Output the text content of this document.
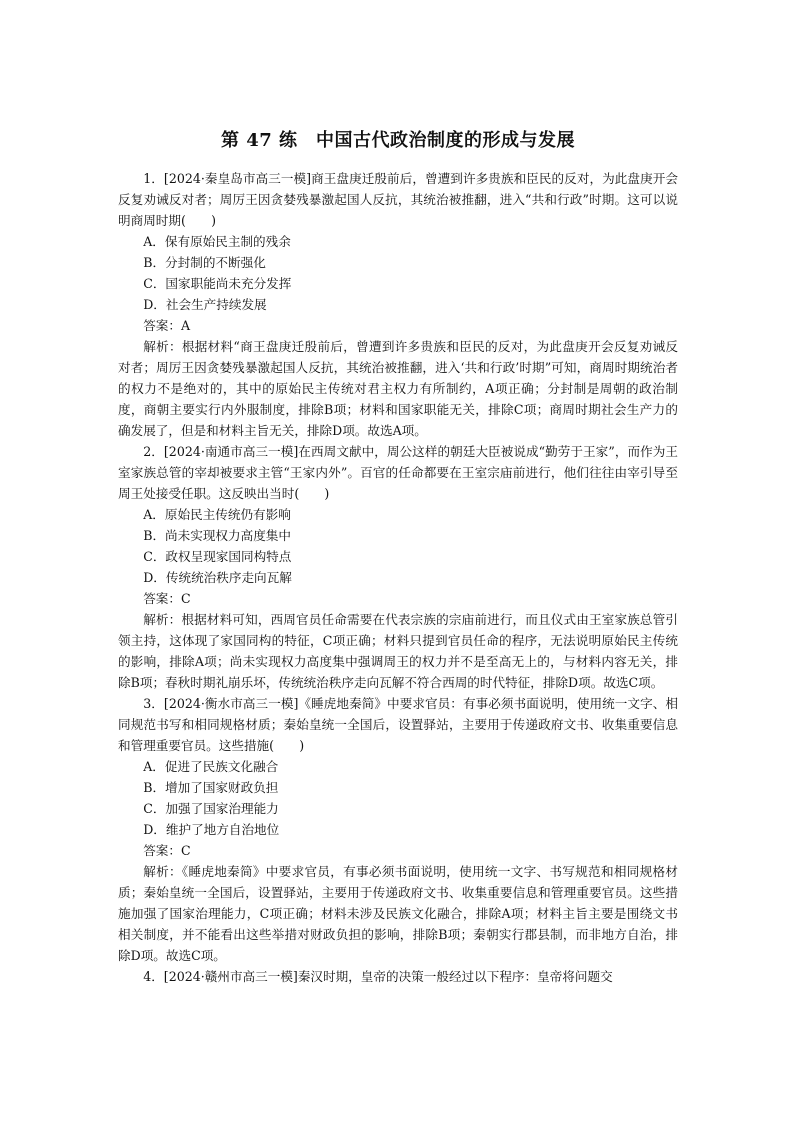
第 47 练　中国古代政治制度的形成与发展

1．[2024·秦皇岛市高三一模]商王盘庚迁殷前后，曾遭到许多贵族和臣民的反对，为此盘庚开会反复劝诫反对者；周厉王因贪婪残暴激起国人反抗，其统治被推翻，进入“共和行政”时期。这可以说明商周时期(　　)

A．保有原始民主制的残余

B．分封制的不断强化

C．国家职能尚未充分发挥

D．社会生产持续发展

答案：A

解析：根据材料“商王盘庚迁殷前后，曾遭到许多贵族和臣民的反对，为此盘庚开会反复劝诫反对者；周厉王因贪婪残暴激起国人反抗，其统治被推翻，进入‘共和行政’时期”可知，商周时期统治者的权力不是绝对的，其中的原始民主传统对君主权力有所制约，A项正确；分封制是周朝的政治制度，商朝主要实行内外服制度，排除B项；材料和国家职能无关，排除C项；商周时期社会生产力的确发展了，但是和材料主旨无关，排除D项。故选A项。

2．[2024·南通市高三一模]在西周文献中，周公这样的朝廷大臣被说成“勤劳于王家”，而作为王室家族总管的宰却被要求主管“王家内外”。百官的任命都要在王室宗庙前进行，他们往往由宰引导至周王处接受任职。这反映出当时(　　)

A．原始民主传统仍有影响

B．尚未实现权力高度集中

C．政权呈现家国同构特点

D．传统统治秩序走向瓦解

答案：C

解析：根据材料可知，西周官员任命需要在代表宗族的宗庙前进行，而且仪式由王室家族总管引领主持，这体现了家国同构的特征，C项正确；材料只提到官员任命的程序，无法说明原始民主传统的影响，排除A项；尚未实现权力高度集中强调周王的权力并不是至高无上的，与材料内容无关，排除B项；春秋时期礼崩乐坏，传统统治秩序走向瓦解不符合西周的时代特征，排除D项。故选C项。

3．[2024·衡水市高三一模]《睡虎地秦简》中要求官员：有事必须书面说明，使用统一文字、相同规范书写和相同规格材质；秦始皇统一全国后，设置驿站，主要用于传递政府文书、收集重要信息和管理重要官员。这些措施(　　)

A．促进了民族文化融合

B．增加了国家财政负担

C．加强了国家治理能力

D．维护了地方自治地位

答案：C

解析：《睡虎地秦简》中要求官员，有事必须书面说明，使用统一文字、书写规范和相同规格材质；秦始皇统一全国后，设置驿站，主要用于传递政府文书、收集重要信息和管理重要官员。这些措施加强了国家治理能力，C项正确；材料未涉及民族文化融合，排除A项；材料主旨主要是围绕文书相关制度，并不能看出这些举措对财政负担的影响，排除B项；秦朝实行郡县制，而非地方自治，排除D项。故选C项。

4．[2024·赣州市高三一模]秦汉时期，皇帝的决策一般经过以下程序：皇帝将问题交
